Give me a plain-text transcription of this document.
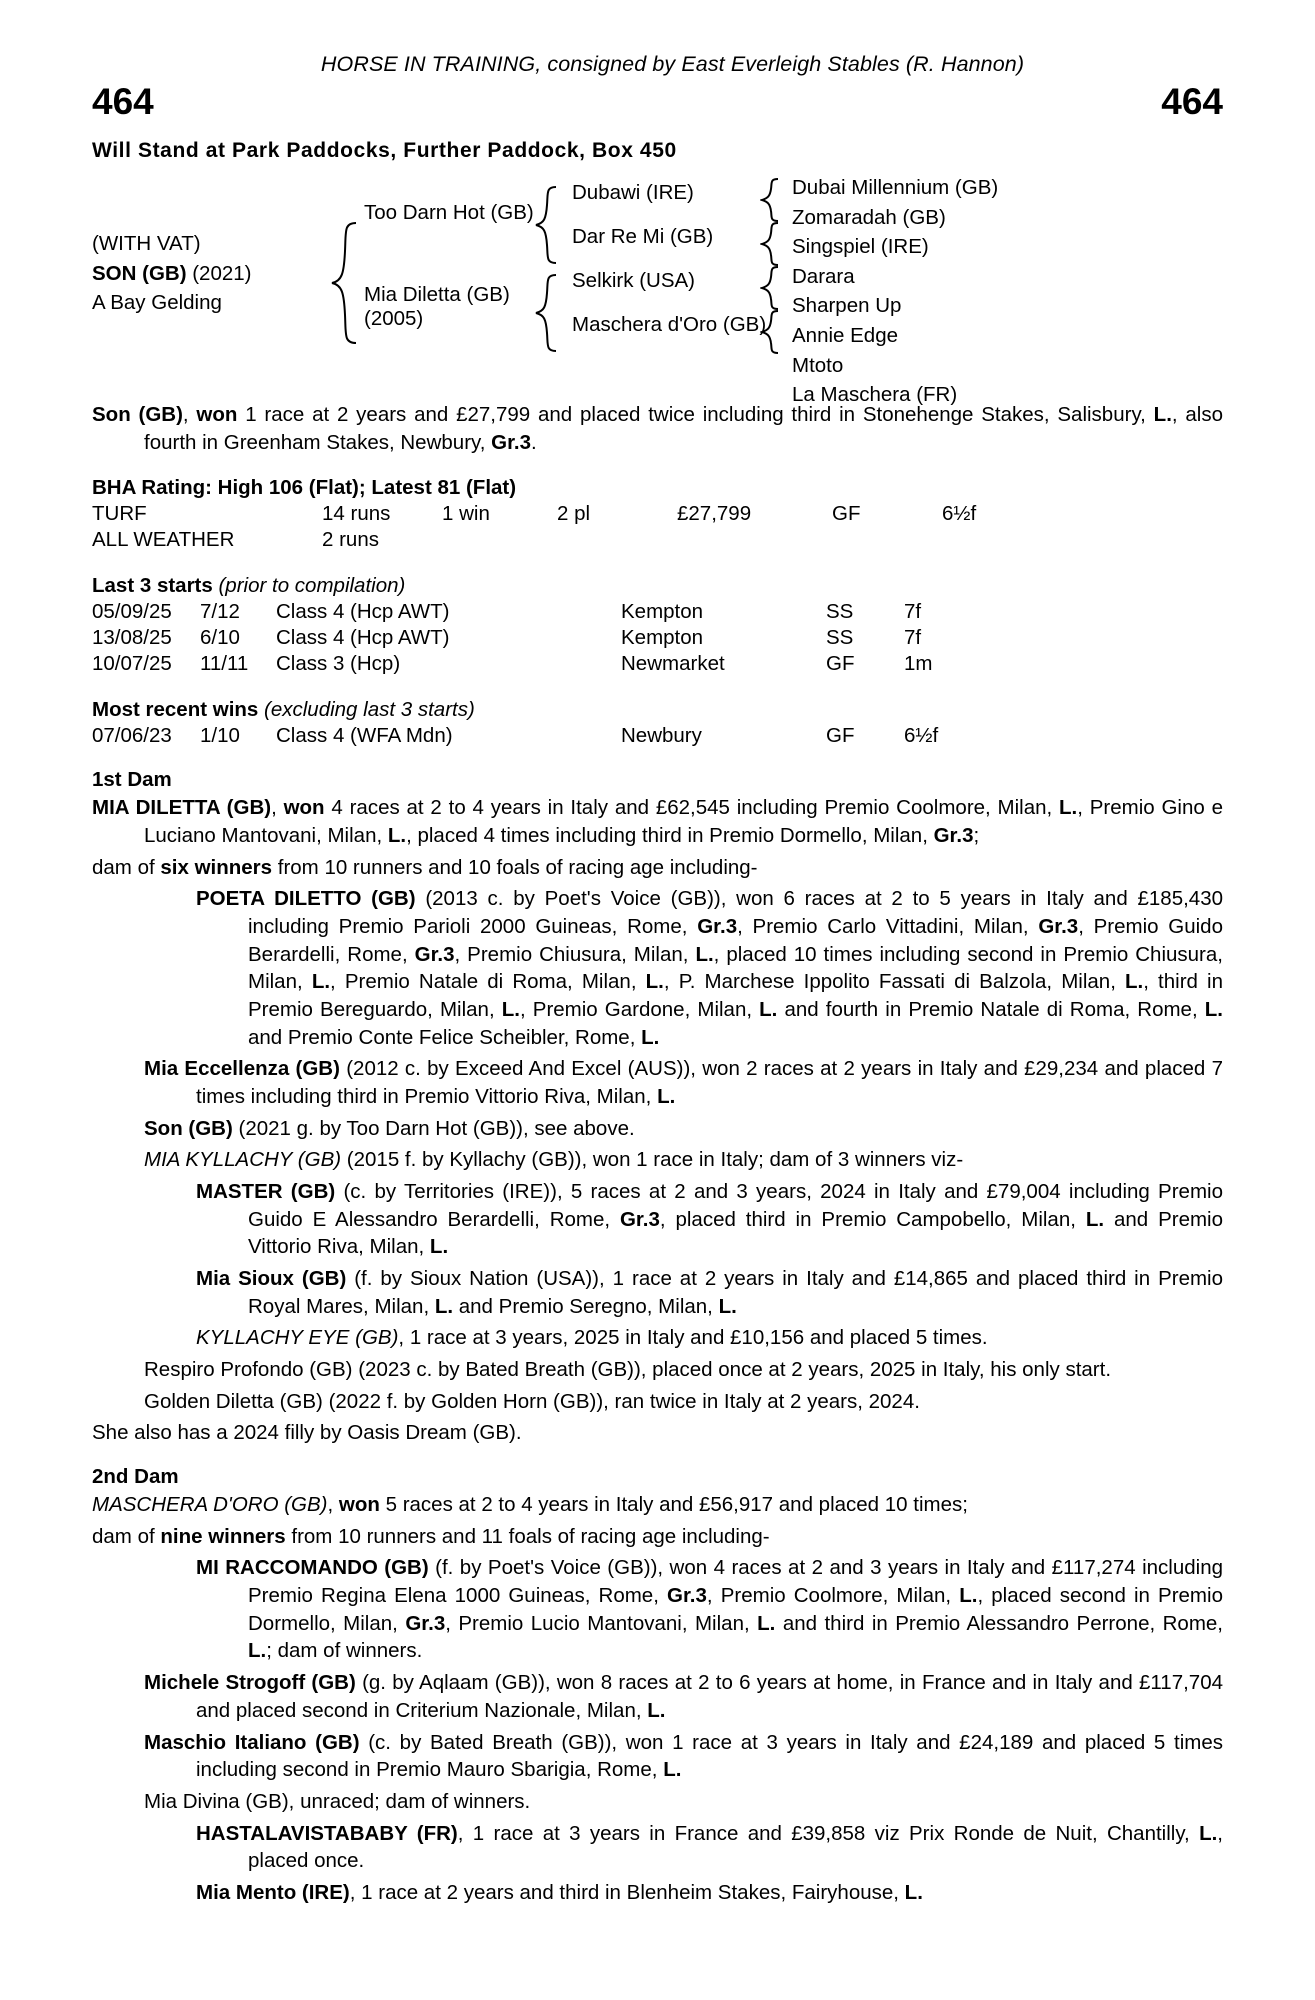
HORSE IN TRAINING, consigned by East Everleigh Stables (R. Hannon)
464	464
Will Stand at Park Paddocks, Further Paddock, Box 450
(WITH VAT)
SON (GB) (2021)
A Bay Gelding
Too Darn Hot (GB)
Mia Diletta (GB)
(2005)
Dubawi (IRE)
Dar Re Mi (GB)
Selkirk (USA)
Maschera d'Oro (GB)
Dubai Millennium (GB)
Zomaradah (GB)
Singspiel (IRE)
Darara
Sharpen Up
Annie Edge
Mtoto
La Maschera (FR)
Son (GB), won 1 race at 2 years and £27,799 and placed twice including third in Stonehenge Stakes, Salisbury, L., also fourth in Greenham Stakes, Newbury, Gr.3.
BHA Rating: High 106 (Flat); Latest 81 (Flat)
TURF	14 runs	1 win	2 pl	£27,799	GF	6½f
ALL WEATHER	2 runs					
Last 3 starts (prior to compilation)
05/09/25	7/12	Class 4 (Hcp AWT)	Kempton	SS	7f
13/08/25	6/10	Class 4 (Hcp AWT)	Kempton	SS	7f
10/07/25	11/11	Class 3 (Hcp)	Newmarket	GF	1m
Most recent wins (excluding last 3 starts)
07/06/23	1/10	Class 4 (WFA Mdn)	Newbury	GF	6½f
1st Dam
MIA DILETTA (GB), won 4 races at 2 to 4 years in Italy and £62,545 including Premio Coolmore, Milan, L., Premio Gino e Luciano Mantovani, Milan, L., placed 4 times including third in Premio Dormello, Milan, Gr.3;
dam of six winners from 10 runners and 10 foals of racing age including-
POETA DILETTO (GB) (2013 c. by Poet's Voice (GB)), won 6 races at 2 to 5 years in Italy and £185,430 including Premio Parioli 2000 Guineas, Rome, Gr.3, Premio Carlo Vittadini, Milan, Gr.3, Premio Guido Berardelli, Rome, Gr.3, Premio Chiusura, Milan, L., placed 10 times including second in Premio Chiusura, Milan, L., Premio Natale di Roma, Milan, L., P. Marchese Ippolito Fassati di Balzola, Milan, L., third in Premio Bereguardo, Milan, L., Premio Gardone, Milan, L. and fourth in Premio Natale di Roma, Rome, L. and Premio Conte Felice Scheibler, Rome, L.
Mia Eccellenza (GB) (2012 c. by Exceed And Excel (AUS)), won 2 races at 2 years in Italy and £29,234 and placed 7 times including third in Premio Vittorio Riva, Milan, L.
Son (GB) (2021 g. by Too Darn Hot (GB)), see above.
MIA KYLLACHY (GB) (2015 f. by Kyllachy (GB)), won 1 race in Italy; dam of 3 winners viz-
MASTER (GB) (c. by Territories (IRE)), 5 races at 2 and 3 years, 2024 in Italy and £79,004 including Premio Guido E Alessandro Berardelli, Rome, Gr.3, placed third in Premio Campobello, Milan, L. and Premio Vittorio Riva, Milan, L.
Mia Sioux (GB) (f. by Sioux Nation (USA)), 1 race at 2 years in Italy and £14,865 and placed third in Premio Royal Mares, Milan, L. and Premio Seregno, Milan, L.
KYLLACHY EYE (GB), 1 race at 3 years, 2025 in Italy and £10,156 and placed 5 times.
Respiro Profondo (GB) (2023 c. by Bated Breath (GB)), placed once at 2 years, 2025 in Italy, his only start.
Golden Diletta (GB) (2022 f. by Golden Horn (GB)), ran twice in Italy at 2 years, 2024.
She also has a 2024 filly by Oasis Dream (GB).
2nd Dam
MASCHERA D'ORO (GB), won 5 races at 2 to 4 years in Italy and £56,917 and placed 10 times;
dam of nine winners from 10 runners and 11 foals of racing age including-
MI RACCOMANDO (GB) (f. by Poet's Voice (GB)), won 4 races at 2 and 3 years in Italy and £117,274 including Premio Regina Elena 1000 Guineas, Rome, Gr.3, Premio Coolmore, Milan, L., placed second in Premio Dormello, Milan, Gr.3, Premio Lucio Mantovani, Milan, L. and third in Premio Alessandro Perrone, Rome, L.; dam of winners.
Michele Strogoff (GB) (g. by Aqlaam (GB)), won 8 races at 2 to 6 years at home, in France and in Italy and £117,704 and placed second in Criterium Nazionale, Milan, L.
Maschio Italiano (GB) (c. by Bated Breath (GB)), won 1 race at 3 years in Italy and £24,189 and placed 5 times including second in Premio Mauro Sbarigia, Rome, L.
Mia Divina (GB), unraced; dam of winners.
HASTALAVISTABABY (FR), 1 race at 3 years in France and £39,858 viz Prix Ronde de Nuit, Chantilly, L., placed once.
Mia Mento (IRE), 1 race at 2 years and third in Blenheim Stakes, Fairyhouse, L.
